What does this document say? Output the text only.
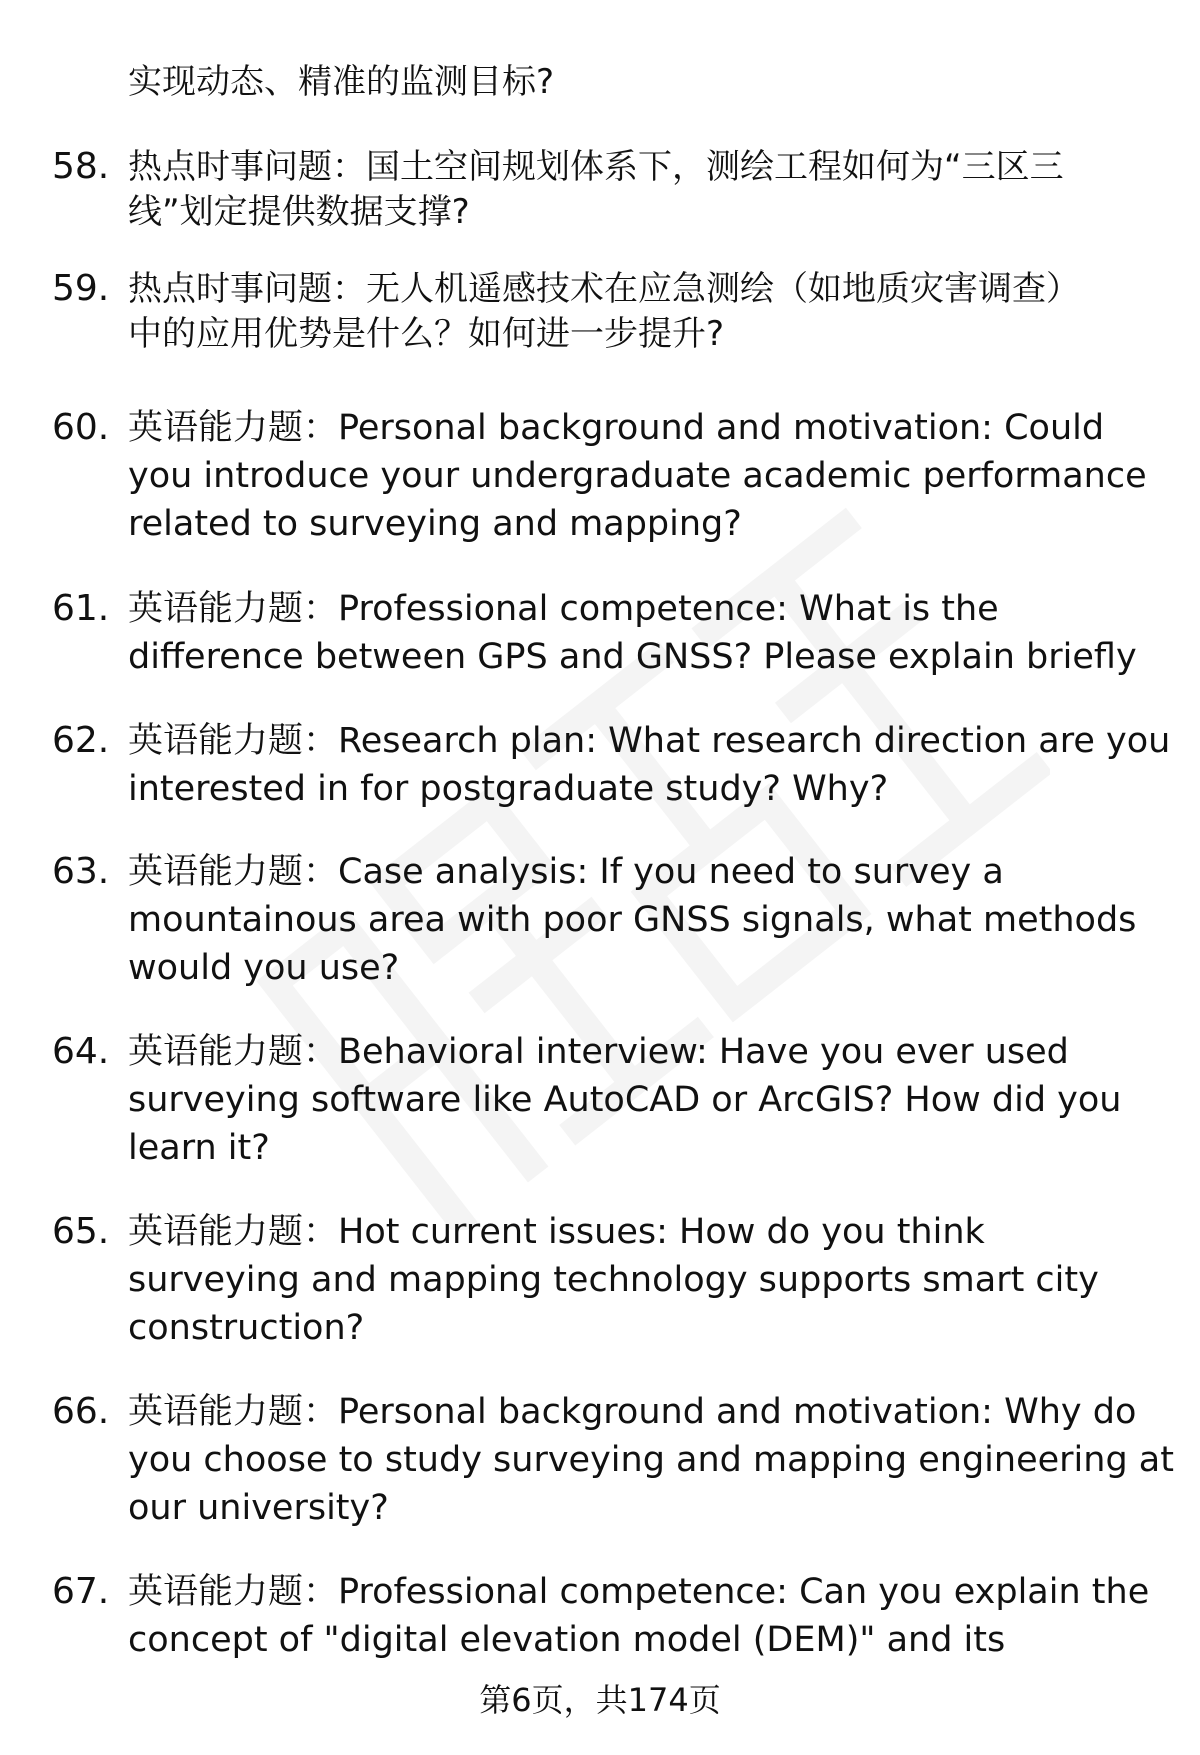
实现动态、精准的监测目标?
58. 热点时事问题：国土空间规划体系下，测绘工程如何为“三区三
线”划定提供数据支撑?
59. 热点时事问题：无人机遥感技术在应急测绘（如地质灾害调查）
中的应用优势是什么？如何进一步提升?
60. 英语能力题：Personal background and motivation: Could
you introduce your undergraduate academic performance
related to surveying and mapping?
61. 英语能力题：Professional competence: What is the
difference between GPS and GNSS? Please explain briefly
62. 英语能力题：Research plan: What research direction are you
interested in for postgraduate study? Why?
63. 英语能力题：Case analysis: If you need to survey a
mountainous area with poor GNSS signals, what methods
would you use?
64. 英语能力题：Behavioral interview: Have you ever used
surveying software like AutoCAD or ArcGIS? How did you
learn it?
65. 英语能力题：Hot current issues: How do you think
surveying and mapping technology supports smart city
construction?
66. 英语能力题：Personal background and motivation: Why do
you choose to study surveying and mapping engineering at
our university?
67. 英语能力题：Professional competence: Can you explain the
concept of "digital elevation model (DEM)" and its
第6页，共174页
